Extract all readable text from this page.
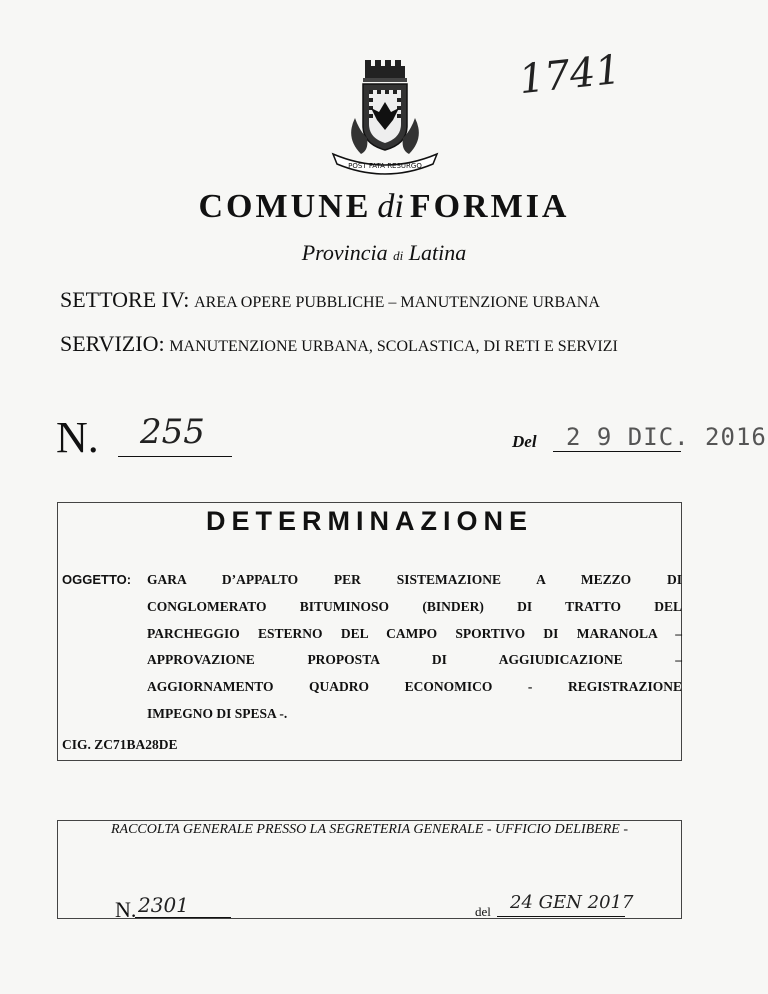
1741
POST FATA RESURGO
COMUNE di FORMIA
Provincia di Latina
SETTORE IV: AREA OPERE PUBBLICHE – MANUTENZIONE URBANA
SERVIZIO: MANUTENZIONE URBANA, SCOLASTICA, DI RETI E SERVIZI
N. 255	Del 2 9 DIC. 2016
DETERMINAZIONE
OGGETTO: GARA D’APPALTO PER SISTEMAZIONE A MEZZO DI
CONGLOMERATO BITUMINOSO (BINDER) DI TRATTO DEL
PARCHEGGIO ESTERNO DEL CAMPO SPORTIVO DI MARANOLA –
APPROVAZIONE PROPOSTA DI AGGIUDICAZIONE –
AGGIORNAMENTO QUADRO ECONOMICO - REGISTRAZIONE
IMPEGNO DI SPESA -.
CIG. ZC71BA28DE
RACCOLTA GENERALE PRESSO LA SEGRETERIA GENERALE - UFFICIO DELIBERE -
N. 2301	del 24 GEN 2017
